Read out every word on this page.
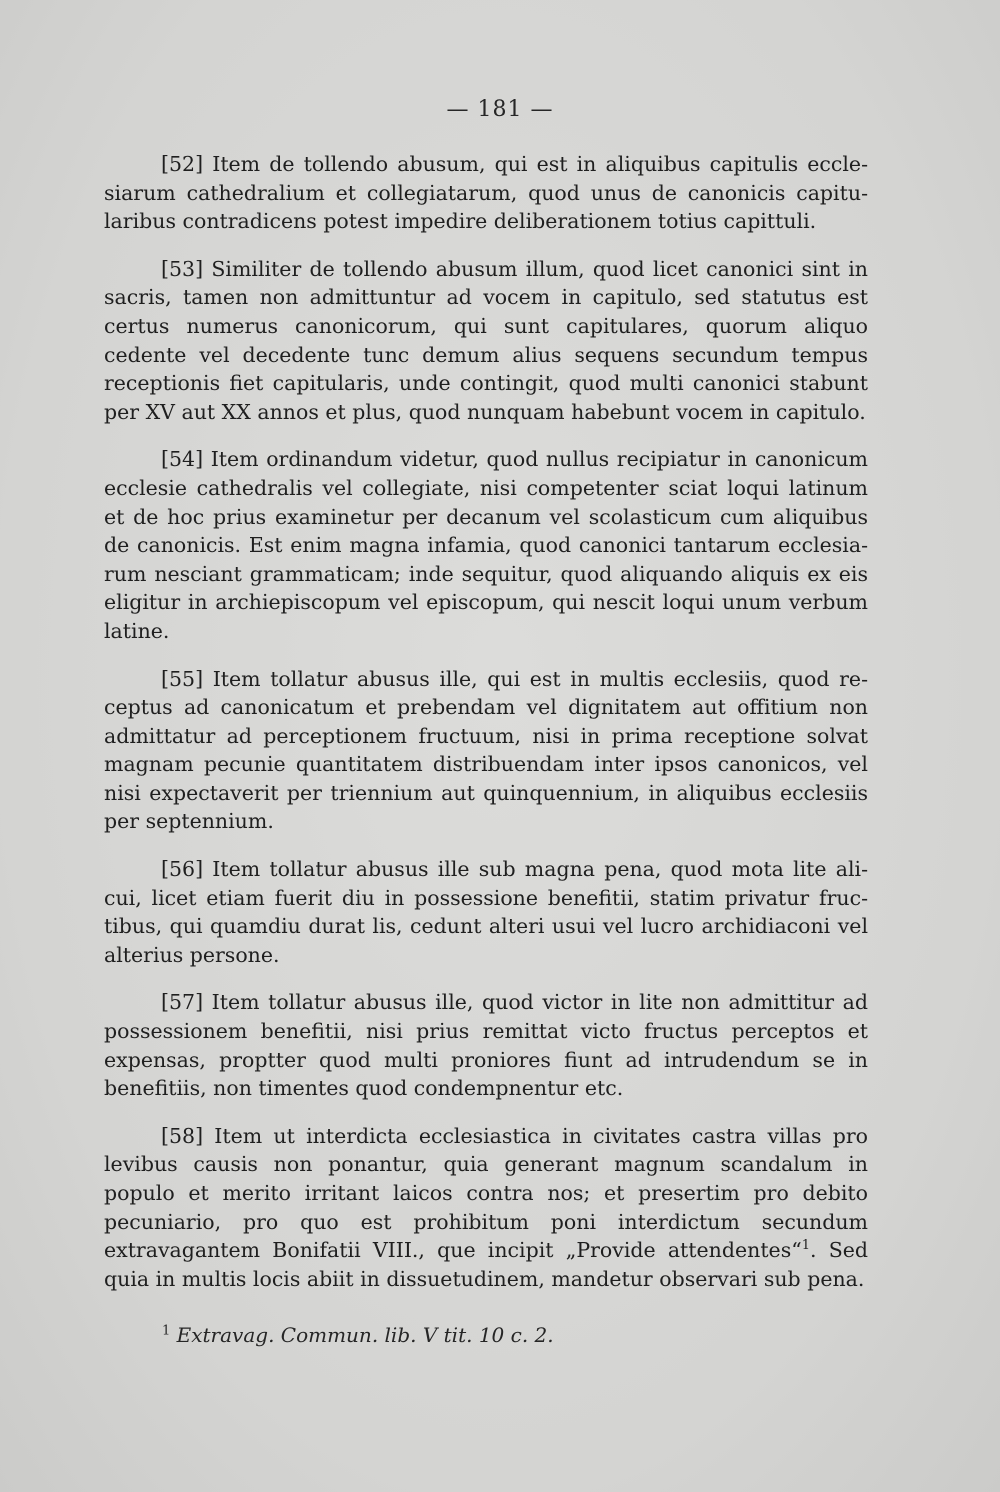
— 181 —

[52] Item de tollendo abusum, qui est in aliquibus capitulis ecclesiarum cathedralium et collegiatarum, quod unus de canonicis capitularibus contradicens potest impedire deliberationem totius capittuli.

[53] Similiter de tollendo abusum illum, quod licet canonici sint in sacris, tamen non admittuntur ad vocem in capitulo, sed statutus est certus numerus canonicorum, qui sunt capitulares, quorum aliquo cedente vel decedente tunc demum alius sequens secundum tempus receptionis fiet capitularis, unde contingit, quod multi canonici stabunt per XV aut XX annos et plus, quod nunquam habebunt vocem in capitulo.

[54] Item ordinandum videtur, quod nullus recipiatur in canonicum ecclesie cathedralis vel collegiate, nisi competenter sciat loqui latinum et de hoc prius examinetur per decanum vel scolasticum cum aliquibus de canonicis. Est enim magna infamia, quod canonici tantarum ecclesiarum nesciant grammaticam; inde sequitur, quod aliquando aliquis ex eis eligitur in archiepiscopum vel episcopum, qui nescit loqui unum verbum latine.

[55] Item tollatur abusus ille, qui est in multis ecclesiis, quod receptus ad canonicatum et prebendam vel dignitatem aut offitium non admittatur ad perceptionem fructuum, nisi in prima receptione solvat magnam pecunie quantitatem distribuendam inter ipsos canonicos, vel nisi expectaverit per triennium aut quinquennium, in aliquibus ecclesiis per septennium.

[56] Item tollatur abusus ille sub magna pena, quod mota lite alicui, licet etiam fuerit diu in possessione benefitii, statim privatur fructibus, qui quamdiu durat lis, cedunt alteri usui vel lucro archidiaconi vel alterius persone.

[57] Item tollatur abusus ille, quod victor in lite non admittitur ad possessionem benefitii, nisi prius remittat victo fructus perceptos et expensas, proptter quod multi proniores fiunt ad intrudendum se in benefitiis, non timentes quod condempnentur etc.

[58] Item ut interdicta ecclesiastica in civitates castra villas pro levibus causis non ponantur, quia generant magnum scandalum in populo et merito irritant laicos contra nos; et presertim pro debito pecuniario, pro quo est prohibitum poni interdictum secundum extravagantem Bonifatii VIII., que incipit „Provide attendentes“$^1$. Sed quia in multis locis abiit in dissuetudinem, mandetur observari sub pena.

$^1$ Extravag. Commun. lib. V tit. 10 c. 2.
